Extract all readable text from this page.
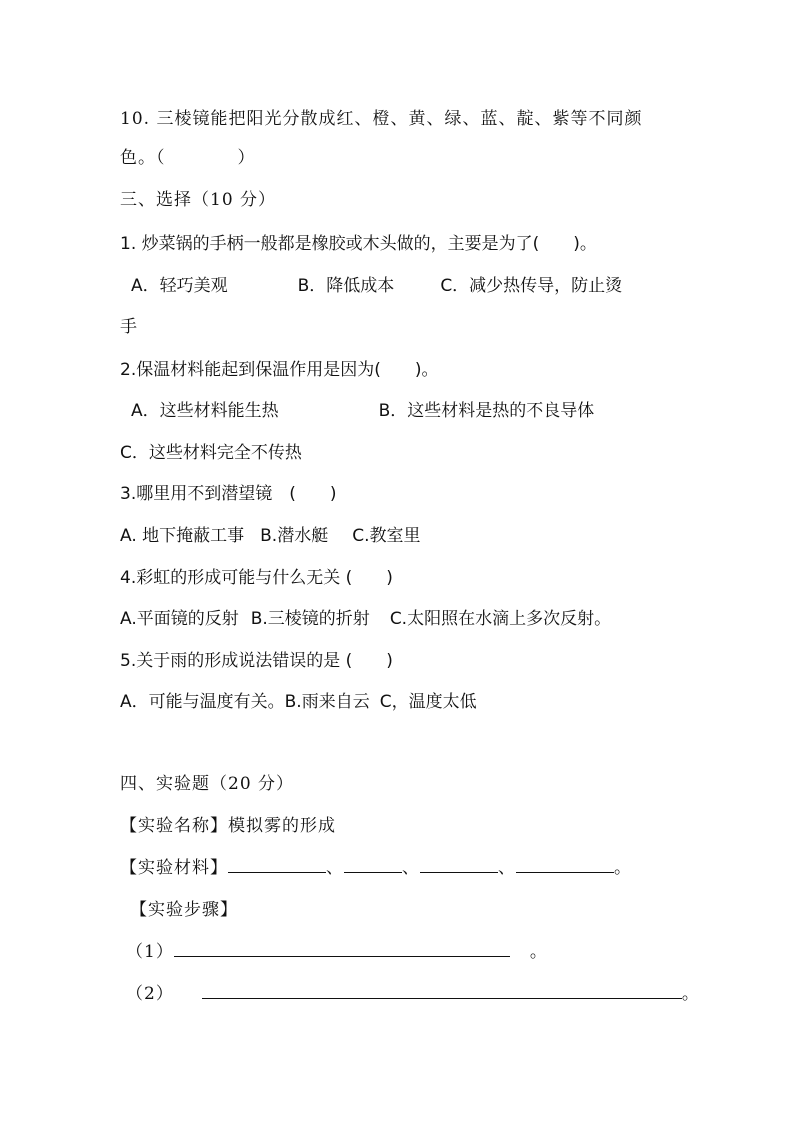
10. 三棱镜能把阳光分散成红、橙、黄、绿、蓝、靛、紫等不同颜
色。（　　　　）
三、选择（10 分）
1. 炒菜锅的手柄一般都是橡胶或木头做的，主要是为了(　　)。
A．轻巧美观	B．降低成本	C．减少热传导，防止烫
手
2.保温材料能起到保温作用是因为(　　)。
A．这些材料能生热	B．这些材料是热的不良导体
C．这些材料完全不传热
3.哪里用不到潜望镜　(　　)
A. 地下掩蔽工事 B.潜水艇 C.教室里
4.彩虹的形成可能与什么无关 (　　)
A.平面镜的反射 B.三棱镜的折射 C.太阳照在水滴上多次反射。
5.关于雨的形成说法错误的是 (　　)
A．可能与温度有关。B.雨来自云 C，温度太低
四、实验题（20 分）
【实验名称】模拟雾的形成
【实验材料】	、	、	、	。
【实验步骤】
（1）	。
（2）	。
